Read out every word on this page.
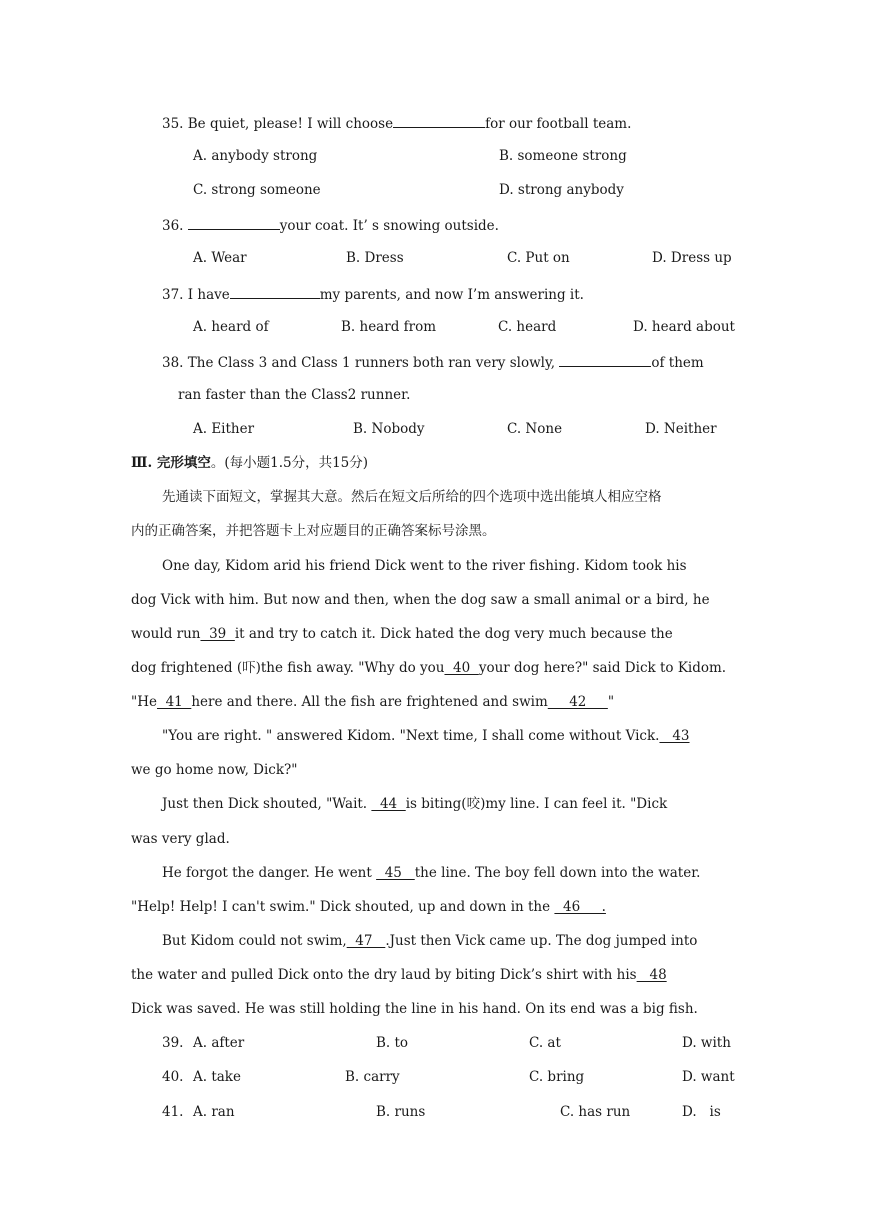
35. Be quiet, please! I will choose	for our football team.
A. anybody strong	B. someone strong
C. strong someone	D. strong anybody
36.	your coat. It’ s snowing outside.
A. Wear	B. Dress	C. Put on	D. Dress up
37. I have	my parents, and now I’m answering it.
A. heard of	B. heard from	C. heard	D. heard about
38. The Class 3 and Class 1 runners both ran very slowly,	of them
ran faster than the Class2 runner.
A. Either	B. Nobody	C. None	D. Neither
Ⅲ. 完形填空。(每小题1.5分，共15分)
先通读下面短文，掌握其大意。然后在短文后所给的四个选项中选出能填人相应空格
内的正确答案，并把答题卡上对应题目的正确答案标号涂黑。
One day, Kidom arid his friend Dick went to the river fishing. Kidom took his
dog Vick with him. But now and then, when the dog saw a small animal or a bird, he
would run  39  it and try to catch it. Dick hated the dog very much because the
dog frightened (吓)the fish away. "Why do you  40  your dog here?" said Dick to Kidom.
"He  41  here and there. All the fish are frightened and swim     42     "
"You are right. " answered Kidom. "Next time, I shall come without Vick.   43
we go home now, Dick?"
Just then Dick shouted, "Wait.   44  is biting(咬)my line. I can feel it. "Dick
was very glad.
He forgot the danger. He went   45   the line. The boy fell down into the water.
"Help! Help! I can't swim." Dick shouted, up and down in the   46     .
But Kidom could not swim,  47   .Just then Vick came up. The dog jumped into
the water and pulled Dick onto the dry laud by biting Dick’s shirt with his   48
Dick was saved. He was still holding the line in his hand. On its end was a big fish.
39. A. after	B. to	C. at	D. with
40. A. take	B. carry	C. bring	D. want
41. A. ran	B. runs	C. has run	D.   is
